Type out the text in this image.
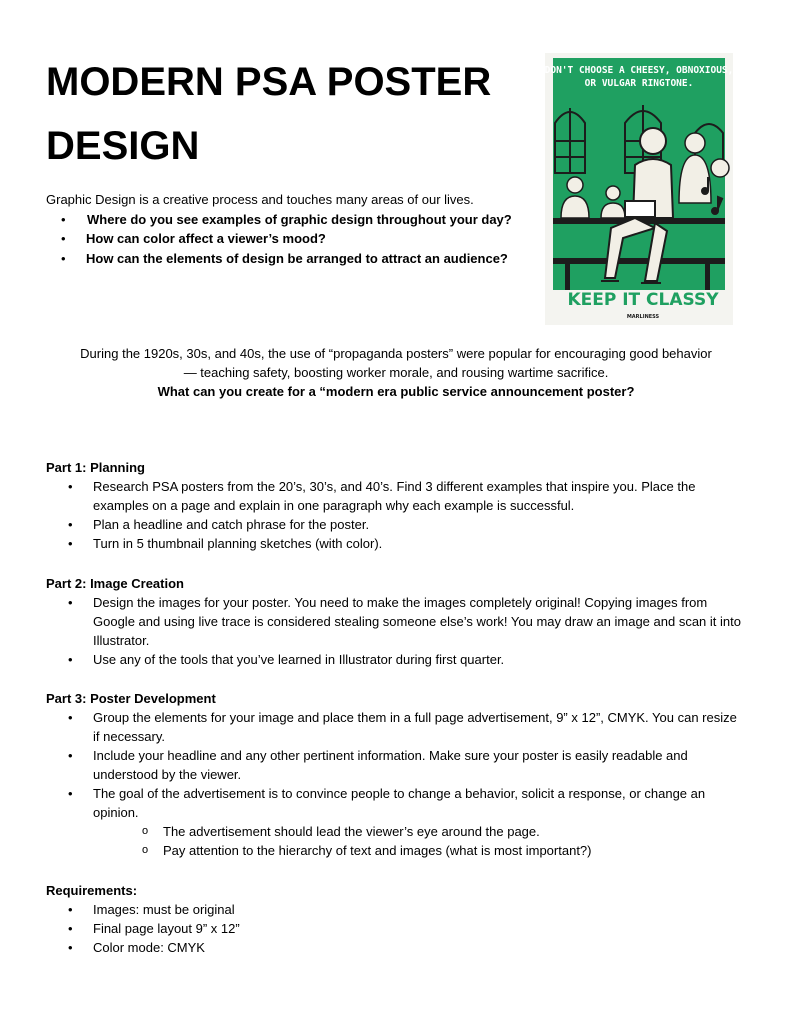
MODERN PSA POSTER
DESIGN
Graphic Design is a creative process and touches many areas of our lives.
• Where do you see examples of graphic design throughout your day?
• How can color affect a viewer’s mood?
• How can the elements of design be arranged to attract an audience?
DON'T CHOOSE A CHEESY, OBNOXIOUS,
OR VULGAR RINGTONE.
KEEP IT CLASSY
MARLINESS
During the 1920s, 30s, and 40s, the use of “propaganda posters” were popular for encouraging good behavior
— teaching safety, boosting worker morale, and rousing wartime sacrifice.
What can you create for a “modern era public service announcement poster?
Part 1: Planning
• Research PSA posters from the 20’s, 30’s, and 40’s. Find 3 different examples that inspire you. Place the examples on a page and explain in one paragraph why each example is successful.
• Plan a headline and catch phrase for the poster.
• Turn in 5 thumbnail planning sketches (with color).
Part 2: Image Creation
• Design the images for your poster. You need to make the images completely original! Copying images from Google and using live trace is considered stealing someone else’s work! You may draw an image and scan it into Illustrator.
• Use any of the tools that you’ve learned in Illustrator during first quarter.
Part 3: Poster Development
• Group the elements for your image and place them in a full page advertisement, 9” x 12”, CMYK. You can resize if necessary.
• Include your headline and any other pertinent information. Make sure your poster is easily readable and understood by the viewer.
• The goal of the advertisement is to convince people to change a behavior, solicit a response, or change an opinion.
o The advertisement should lead the viewer’s eye around the page.
o Pay attention to the hierarchy of text and images (what is most important?)
Requirements:
• Images: must be original
• Final page layout 9” x 12”
• Color mode: CMYK
